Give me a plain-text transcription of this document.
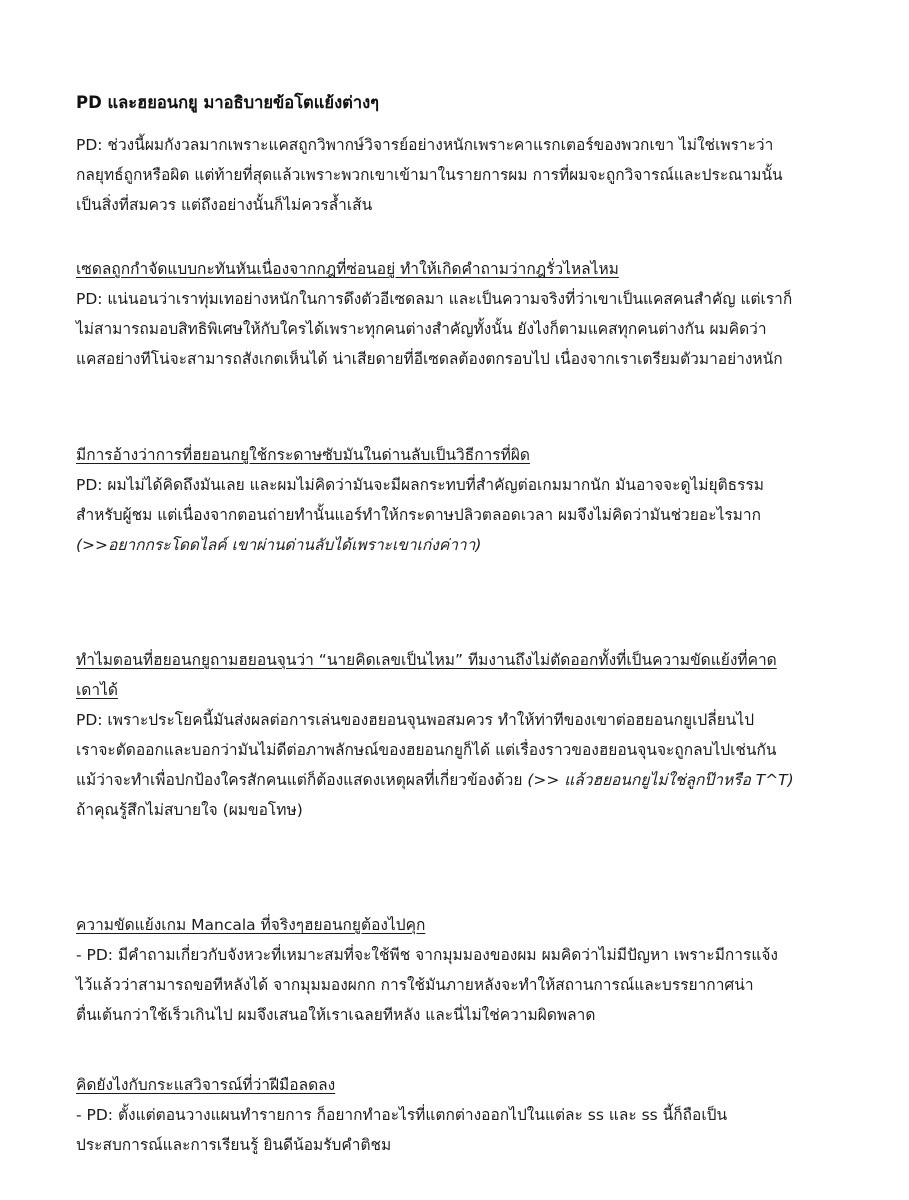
PD และฮยอนกยู มาอธิบายข้อโตแย้งต่างๆ
PD: ช่วงนี้ผมกังวลมากเพราะแคสถูกวิพากษ์วิจารย์อย่างหนักเพราะคาแรกเตอร์ของพวกเขา ไม่ใช่เพราะว่า
กลยุทธ์ถูกหรือผิด แต่ท้ายที่สุดแล้วเพราะพวกเขาเข้ามาในรายการผม การที่ผมจะถูกวิจารณ์และประณามนั้น
เป็นสิ่งที่สมควร แต่ถึงอย่างนั้นก็ไม่ควรล้ำเส้น
เซดลถูกกำจัดแบบกะทันหันเนื่องจากกฎที่ซ่อนอยู่ ทำให้เกิดคำถามว่ากฎรั่วไหลไหม
PD: แน่นอนว่าเราทุ่มเทอย่างหนักในการดึงตัวอีเซดลมา และเป็นความจริงที่ว่าเขาเป็นแคสคนสำคัญ แต่เราก็
ไม่สามารถมอบสิทธิพิเศษให้กับใครได้เพราะทุกคนต่างสำคัญทั้งนั้น ยังไงก็ตามแคสทุกคนต่างกัน ผมคิดว่า
แคสอย่างทีโน่จะสามารถสังเกตเห็นได้ น่าเสียดายที่อีเซดลต้องตกรอบไป เนื่องจากเราเตรียมตัวมาอย่างหนัก
มีการอ้างว่าการที่ฮยอนกยูใช้กระดาษซับมันในด่านลับเป็นวิธีการที่ผิด
PD: ผมไม่ได้คิดถึงมันเลย และผมไม่คิดว่ามันจะมีผลกระทบที่สำคัญต่อเกมมากนัก มันอาจจะดูไม่ยุติธรรม
สำหรับผู้ชม แต่เนื่องจากตอนถ่ายทำนั้นแอร์ทำให้กระดาษปลิวตลอดเวลา ผมจึงไม่คิดว่ามันช่วยอะไรมาก
(>>อยากกระโดดไลค์ เขาผ่านด่านลับได้เพราะเขาเก่งค่าาา)
ทำไมตอนที่ฮยอนกยูถามฮยอนจุนว่า “นายคิดเลขเป็นไหม” ทีมงานถึงไม่ตัดออกทั้งที่เป็นความขัดแย้งที่คาด
เดาได้
PD: เพราะประโยคนี้มันส่งผลต่อการเล่นของฮยอนจุนพอสมควร ทำให้ท่าทีของเขาต่อฮยอนกยูเปลี่ยนไป
เราจะตัดออกและบอกว่ามันไม่ดีต่อภาพลักษณ์ของฮยอนกยูก็ได้ แต่เรื่องราวของฮยอนจุนจะถูกลบไปเช่นกัน
แม้ว่าจะทำเพื่อปกป้องใครสักคนแต่ก็ต้องแสดงเหตุผลที่เกี่ยวข้องด้วย (>> แล้วฮยอนกยูไม่ใช่ลูกป๊าหรือ T^T)
ถ้าคุณรู้สึกไม่สบายใจ (ผมขอโทษ)
ความขัดแย้งเกม Mancala ที่จริงๆฮยอนกยูต้องไปคุก
- PD: มีคำถามเกี่ยวกับจังหวะที่เหมาะสมที่จะใช้พีช จากมุมมองของผม ผมคิดว่าไม่มีปัญหา เพราะมีการแจ้ง
ไว้แล้วว่าสามารถขอทีหลังได้ จากมุมมองผกก การใช้มันภายหลังจะทำให้สถานการณ์และบรรยากาศน่า
ตื่นเต้นกว่าใช้เร็วเกินไป ผมจึงเสนอให้เราเฉลยทีหลัง และนี่ไม่ใช่ความผิดพลาด
คิดยังไงกับกระแสวิจารณ์ที่ว่าฝีมือลดลง
- PD: ตั้งแต่ตอนวางแผนทำรายการ ก็อยากทำอะไรที่แตกต่างออกไปในแต่ละ ss และ ss นี้ก็ถือเป็น
ประสบการณ์และการเรียนรู้ ยินดีน้อมรับคำติชม
